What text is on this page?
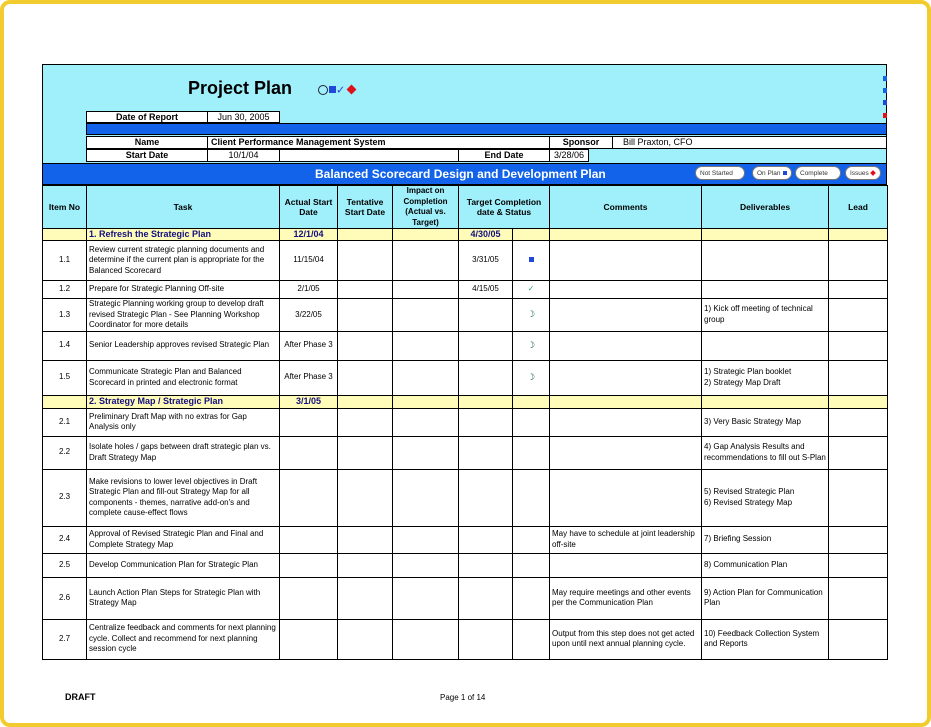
Project Plan	✓
Date of Report	Jun 30, 2005
Name	Client Performance Management System	Sponsor	Bill Praxton, CFO
Start Date	10/1/04	End Date	3/28/06
Balanced Scorecard Design and Development Plan	Not Started	On Plan	Complete	Issues
Item No	Task	Actual Start Date	Tentative Start Date	Impact on Completion (Actual vs. Target)	Target Completion date & Status		Comments	Deliverables	Lead
	1. Refresh the Strategic Plan	12/1/04			4/30/05				
1.1	Review current strategic planning documents and determine if the current plan is appropriate for the Balanced Scorecard	11/15/04			3/31/05				
1.2	Prepare for Strategic Planning Off-site	2/1/05			4/15/05	✓			
1.3	Strategic Planning working group to develop draft revised Strategic Plan - See Planning Workshop Coordinator for more details	3/22/05				☽		1) Kick off meeting of technical group	
1.4	Senior Leadership approves revised Strategic Plan	After Phase 3				☽			
1.5	Communicate Strategic Plan and Balanced Scorecard in printed and electronic format	After Phase 3				☽		1) Strategic Plan booklet
2) Strategy Map Draft	
	2. Strategy Map / Strategic Plan	3/1/05							
2.1	Preliminary Draft Map with no extras for Gap Analysis only							3) Very Basic Strategy Map	
2.2	Isolate holes / gaps between draft strategic plan vs. Draft Strategy Map							4) Gap Analysis Results and recommendations to fill out S-Plan	
2.3	Make revisions to lower level objectives in Draft Strategic Plan and fill-out Strategy Map for all components - themes, narrative add-on's and complete cause-effect flows							5) Revised Strategic Plan
6) Revised Strategy Map	
2.4	Approval of Revised Strategic Plan and Final and Complete Strategy Map						May have to schedule at joint leadership off-site	7) Briefing Session	
2.5	Develop Communication Plan for Strategic Plan							8) Communication Plan	
2.6	Launch Action Plan Steps for Strategic Plan with Strategy Map						May require meetings and other events per the Communication Plan	9) Action Plan for Communication Plan	
2.7	Centralize feedback and comments for next planning cycle. Collect and recommend for next planning session cycle						Output from this step does not get acted upon until next annual planning cycle.	10) Feedback Collection System and Reports	
DRAFT	Page 1 of 14
